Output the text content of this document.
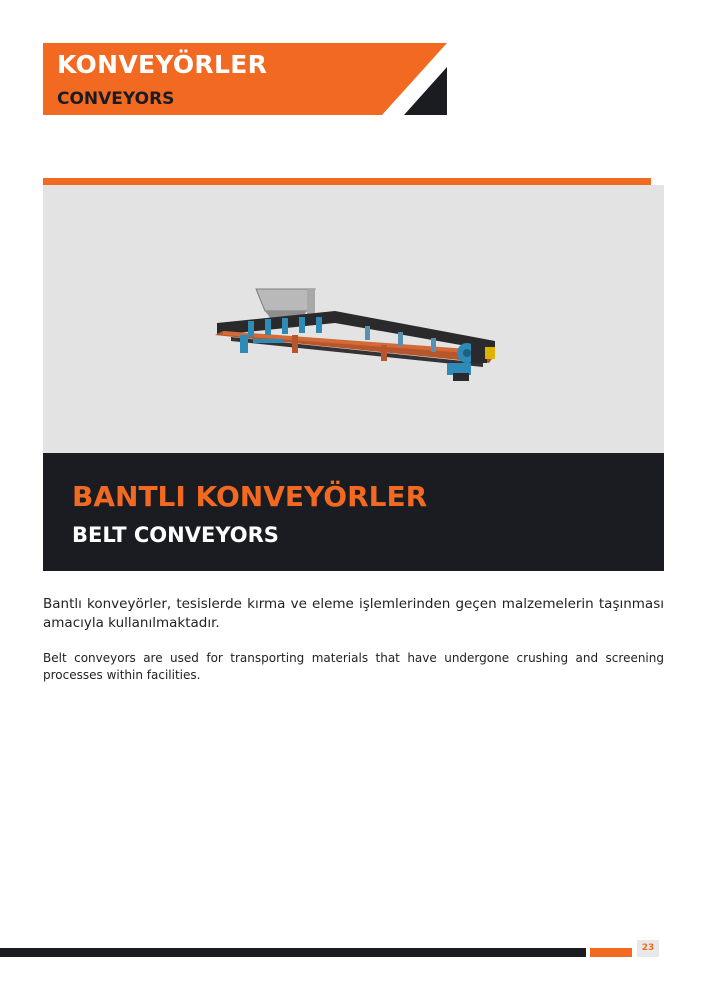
KONVEYÖRLER
CONVEYORS
BANTLI KONVEYÖRLER
BELT CONVEYORS

Bantlı konveyörler, tesislerde kırma ve eleme işlemlerinden geçen malzemelerin taşınması amacıyla kullanılmaktadır.

Belt conveyors are used for transporting materials that have undergone crushing and screening processes within facilities.

23
